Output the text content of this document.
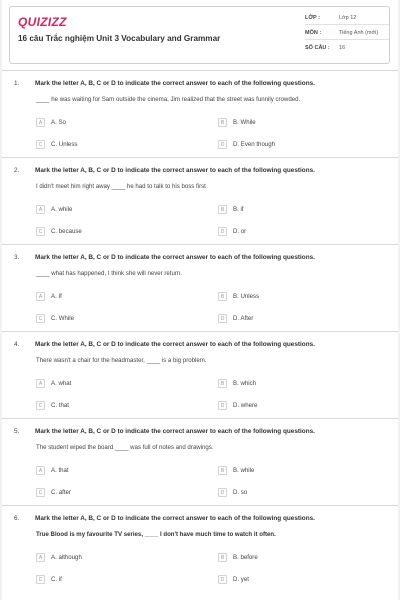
QUIZIZZ
16 câu Trắc nghiệm Unit 3 Vocabulary and Grammar
LỚP :	Lớp 12
MÔN :	Tiếng Anh (mới)
SỐ CÂU :	16
1. Mark the letter A, B, C or D to indicate the correct answer to each of the following questions.
____ he was waiting for Sam outside the cinema, Jim realized that the street was funnily crowded.
A	A. So	B	B. While
C	C. Unless	D	D. Even though
2. Mark the letter A, B, C or D to indicate the correct answer to each of the following questions.
I didn't meet him right away ____ he had to talk to his boss first
A	A. while	B	B. if
C	C. because	D	D. or
3. Mark the letter A, B, C or D to indicate the correct answer to each of the following questions.
____ what has happened, I think she will never return.
A	A. If	B	B. Unless
C	C. While	D	D. After
4. Mark the letter A, B, C or D to indicate the correct answer to each of the following questions.
There wasn't a chair for the headmaster, ____ is a big problem.
A	A. what	B	B. which
C	C. that	D	D. where
5. Mark the letter A, B, C or D to indicate the correct answer to each of the following questions.
The student wiped the board ____ was full of notes and drawings.
A	A. that	B	B. while
C	C. after	D	D. so
6. Mark the letter A, B, C or D to indicate the correct answer to each of the following questions.
True Blood is my favourite TV series, ____ I don't have much time to watch it often.
A	A. although	B	B. before
C	C. if	D	D. yet
